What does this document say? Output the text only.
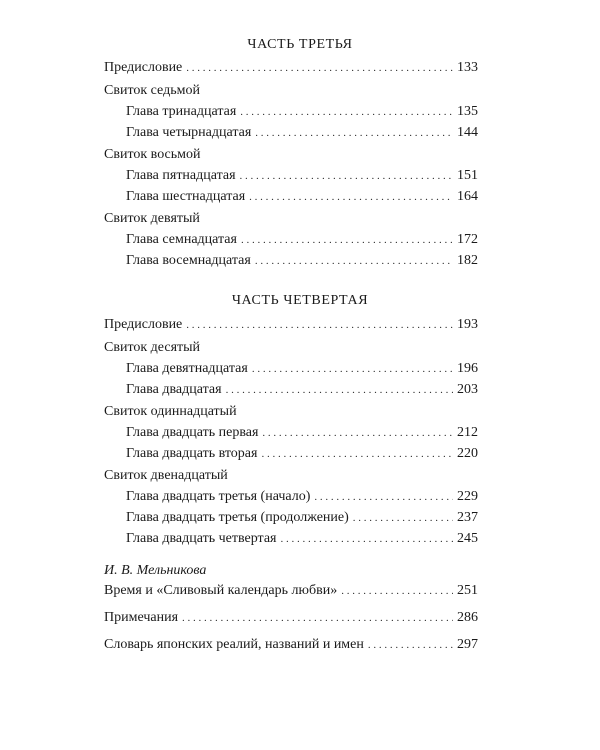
ЧАСТЬ ТРЕТЬЯ
Предисловие . . .	133
Свиток седьмой
Глава тринадцатая . . .	135
Глава четырнадцатая . . .	144
Свиток восьмой
Глава пятнадцатая . . .	151
Глава шестнадцатая . . .	164
Свиток девятый
Глава семнадцатая . . .	172
Глава восемнадцатая . . .	182
ЧАСТЬ ЧЕТВЕРТАЯ
Предисловие . . .	193
Свиток десятый
Глава девятнадцатая . . .	196
Глава двадцатая . . .	203
Свиток одиннадцатый
Глава двадцать первая . . .	212
Глава двадцать вторая . . .	220
Свиток двенадцатый
Глава двадцать третья (начало) . . .	229
Глава двадцать третья (продолжение) . . .	237
Глава двадцать четвертая . . .	245
И. В. Мельникова
Время и «Сливовый календарь любви» . . .	251
Примечания . . .	286
Словарь японских реалий, названий и имен . . .	297
